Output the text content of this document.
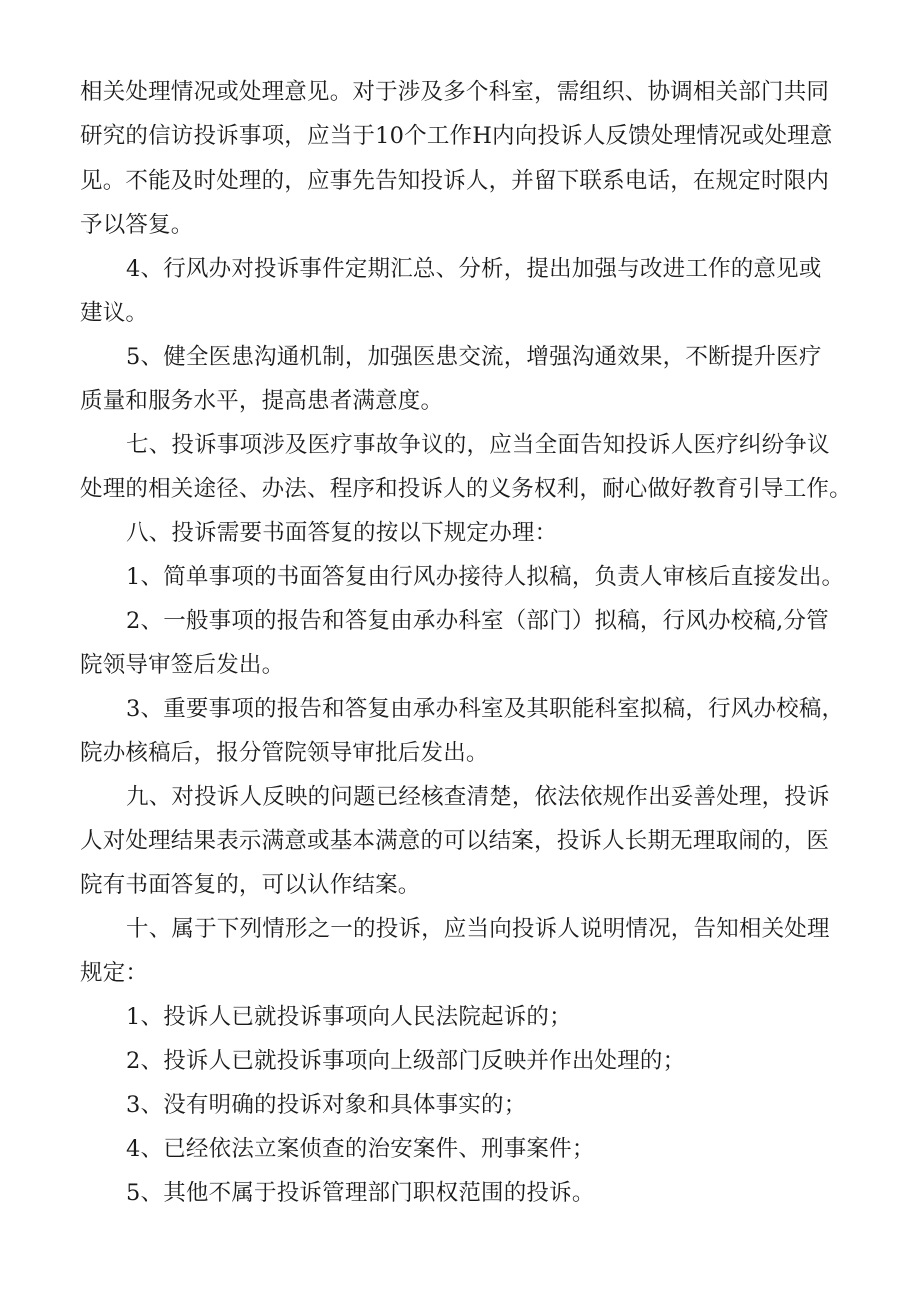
相关处理情况或处理意见。对于涉及多个科室，需组织、协调相关部门共同
研究的信访投诉事项，应当于10个工作H内向投诉人反馈处理情况或处理意
见。不能及时处理的，应事先告知投诉人，并留下联系电话，在规定时限内
予以答复。
4、行风办对投诉事件定期汇总、分析，提出加强与改进工作的意见或
建议。
5、健全医患沟通机制，加强医患交流，增强沟通效果，不断提升医疗
质量和服务水平，提高患者满意度。
七、投诉事项涉及医疗事故争议的，应当全面告知投诉人医疗纠纷争议
处理的相关途径、办法、程序和投诉人的义务权利，耐心做好教育引导工作。
八、投诉需要书面答复的按以下规定办理：
1、简单事项的书面答复由行风办接待人拟稿，负责人审核后直接发出。
2、一般事项的报告和答复由承办科室（部门）拟稿，行风办校稿,分管
院领导审签后发出。
3、重要事项的报告和答复由承办科室及其职能科室拟稿，行风办校稿，
院办核稿后，报分管院领导审批后发出。
九、对投诉人反映的问题已经核查清楚，依法依规作出妥善处理，投诉
人对处理结果表示满意或基本满意的可以结案，投诉人长期无理取闹的，医
院有书面答复的，可以认作结案。
十、属于下列情形之一的投诉，应当向投诉人说明情况，告知相关处理
规定：
1、投诉人已就投诉事项向人民法院起诉的；
2、投诉人已就投诉事项向上级部门反映并作出处理的；
3、没有明确的投诉对象和具体事实的；
4、已经依法立案侦查的治安案件、刑事案件；
5、其他不属于投诉管理部门职权范围的投诉。
